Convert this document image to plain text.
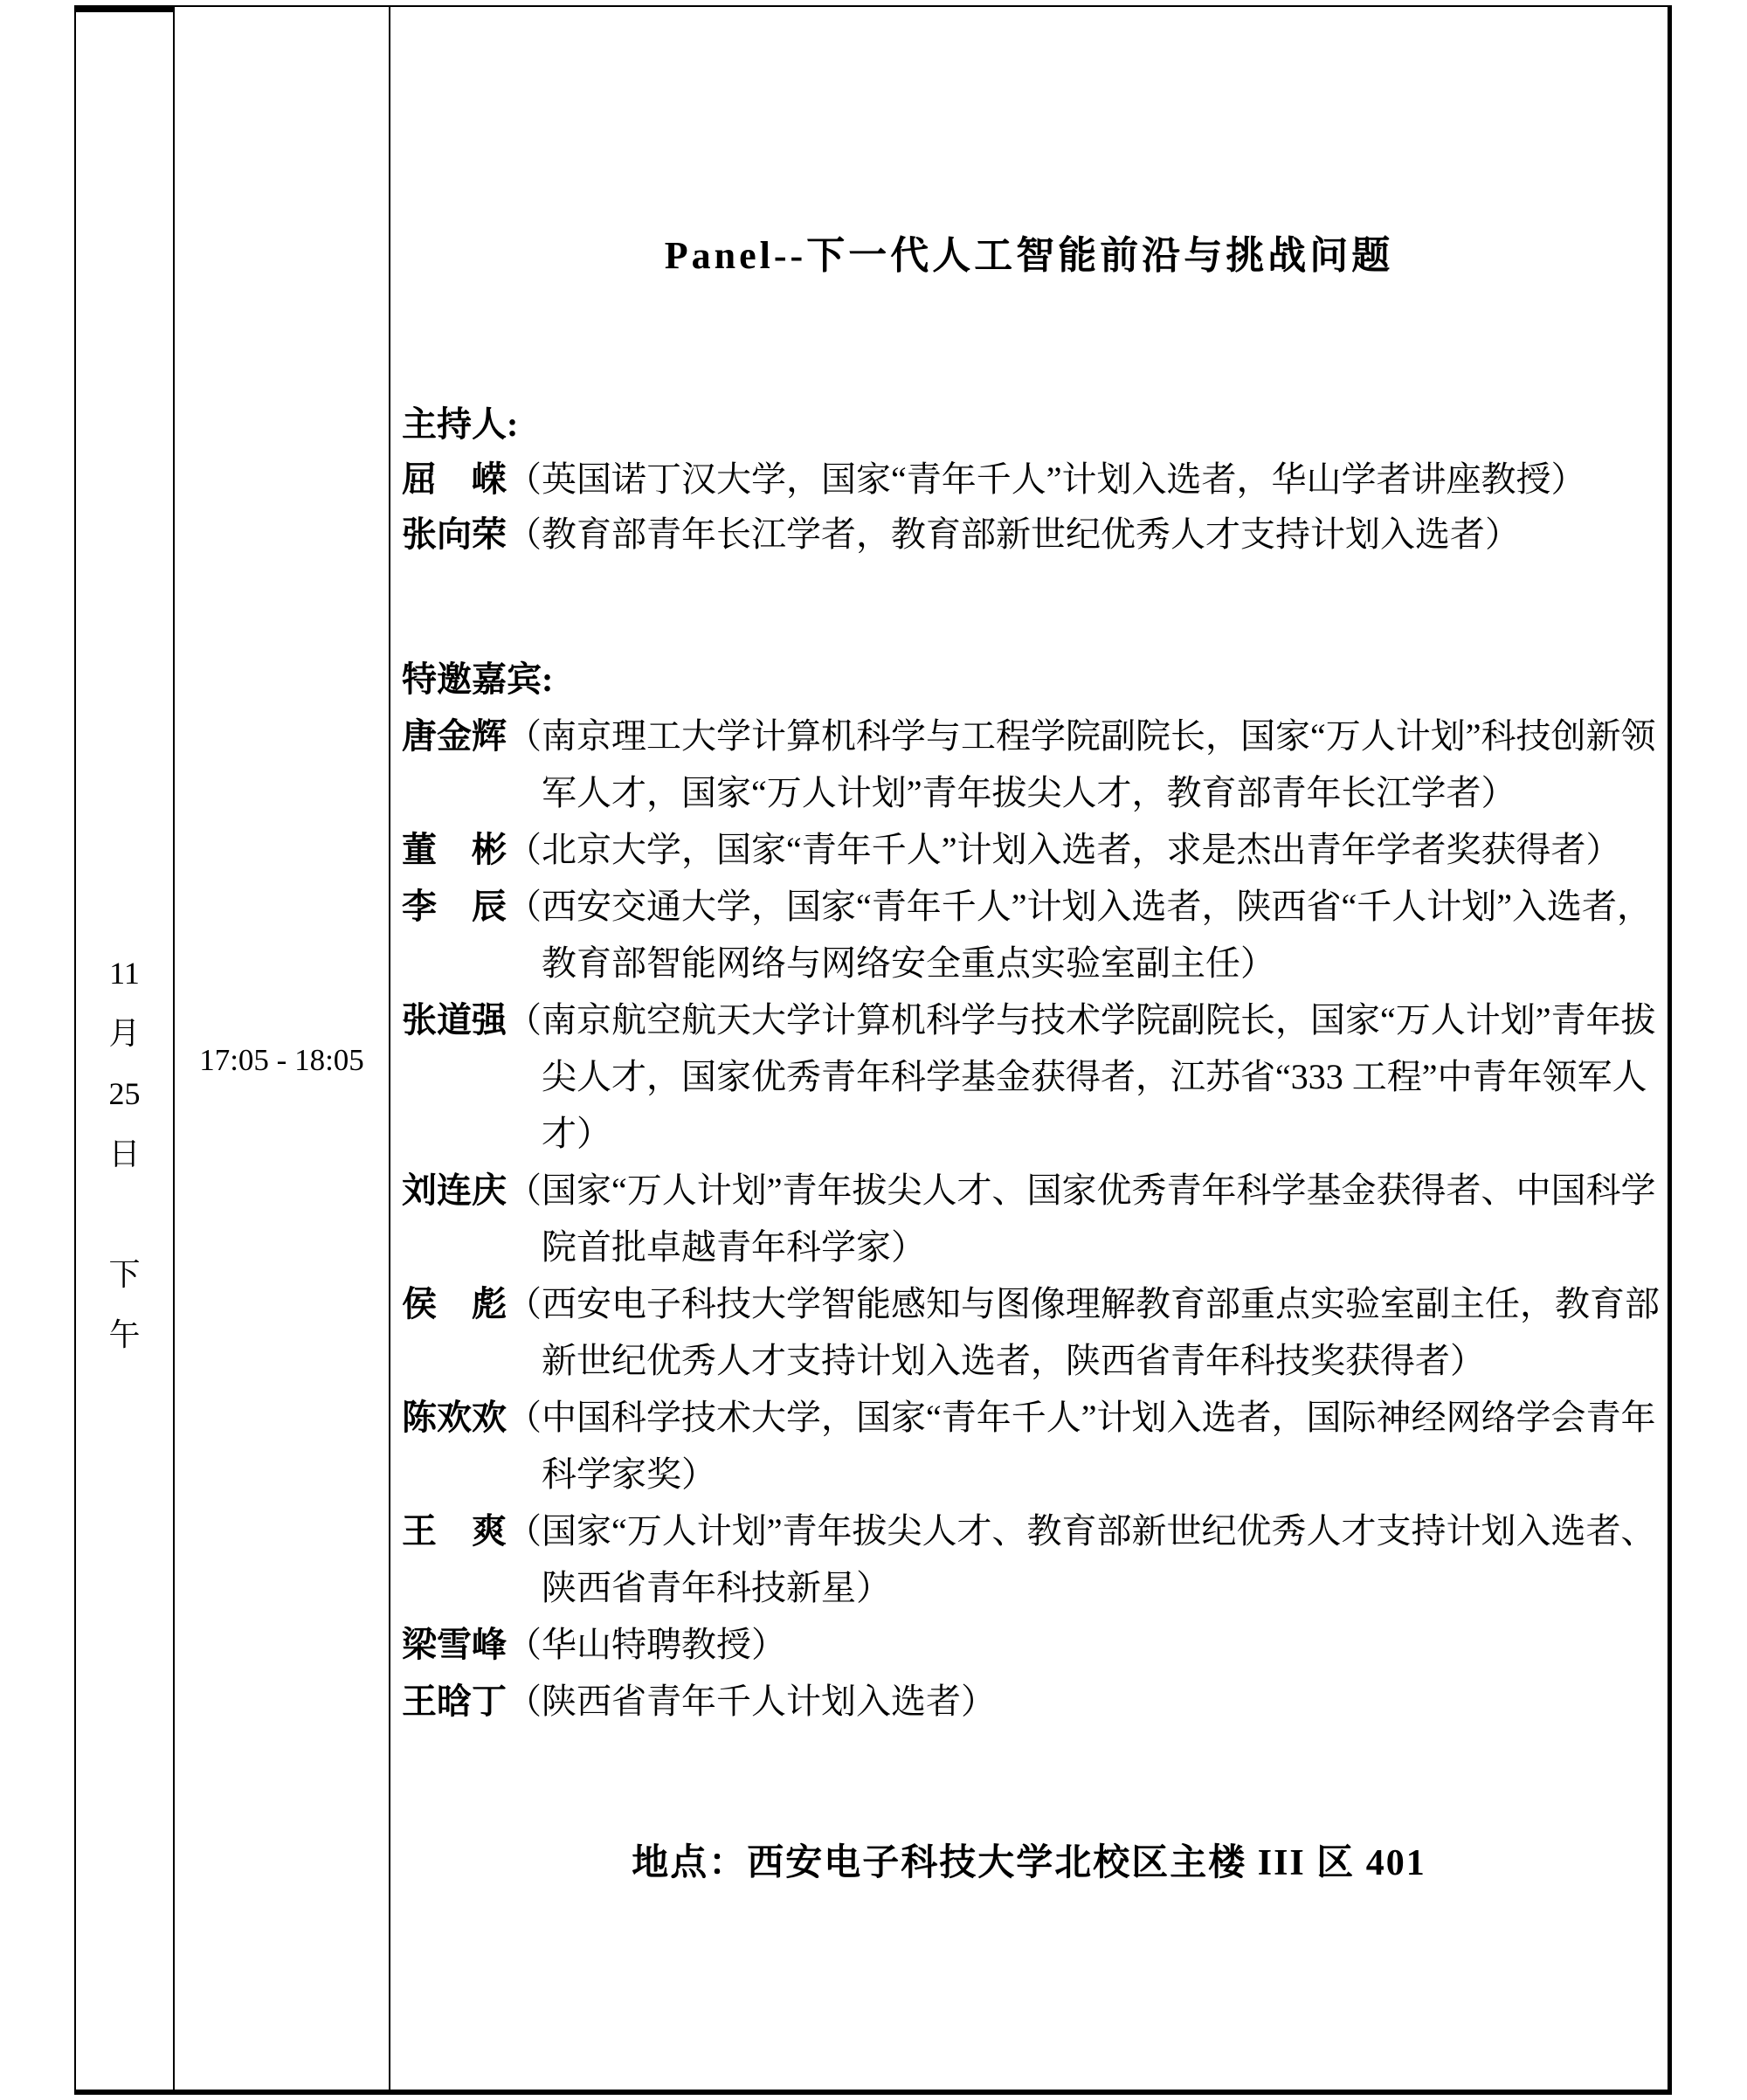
11
月
25
日
下
午
17:05 - 18:05
Panel--下一代人工智能前沿与挑战问题
主持人:
屈　嵘（英国诺丁汉大学，国家“青年千人”计划入选者，华山学者讲座教授）
张向荣（教育部青年长江学者，教育部新世纪优秀人才支持计划入选者）
特邀嘉宾:
唐金辉（南京理工大学计算机科学与工程学院副院长，国家“万人计划”科技创新领
军人才，国家“万人计划”青年拔尖人才，教育部青年长江学者）
董　彬（北京大学，国家“青年千人”计划入选者，求是杰出青年学者奖获得者）
李　辰（西安交通大学，国家“青年千人”计划入选者，陕西省“千人计划”入选者，
教育部智能网络与网络安全重点实验室副主任）
张道强（南京航空航天大学计算机科学与技术学院副院长，国家“万人计划”青年拔
尖人才，国家优秀青年科学基金获得者，江苏省“333 工程”中青年领军人
才）
刘连庆（国家“万人计划”青年拔尖人才、国家优秀青年科学基金获得者、中国科学
院首批卓越青年科学家）
侯　彪（西安电子科技大学智能感知与图像理解教育部重点实验室副主任，教育部
新世纪优秀人才支持计划入选者，陕西省青年科技奖获得者）
陈欢欢（中国科学技术大学，国家“青年千人”计划入选者，国际神经网络学会青年
科学家奖）
王　爽（国家“万人计划”青年拔尖人才、教育部新世纪优秀人才支持计划入选者、
陕西省青年科技新星）
梁雪峰（华山特聘教授）
王晗丁（陕西省青年千人计划入选者）
地点：西安电子科技大学北校区主楼 III 区 401
